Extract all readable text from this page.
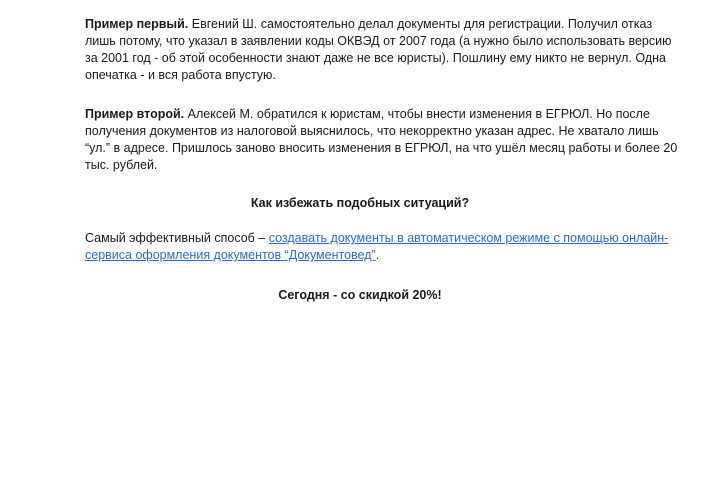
Пример первый. Евгений Ш. самостоятельно делал документы для регистрации. Получил отказ лишь потому, что указал в заявлении коды ОКВЭД от 2007 года (а нужно было использовать версию за 2001 год - об этой особенности знают даже не все юристы). Пошлину ему никто не вернул. Одна опечатка - и вся работа впустую.

Пример второй. Алексей М. обратился к юристам, чтобы внести изменения в ЕГРЮЛ. Но после получения документов из налоговой выяснилось, что некорректно указан адрес. Не хватало лишь “ул.” в адресе. Пришлось заново вносить изменения в ЕГРЮЛ, на что ушёл месяц работы и более 20 тыс. рублей.

Как избежать подобных ситуаций?

Самый эффективный способ – создавать документы в автоматическом режиме с помощью онлайн-сервиса оформления документов “Документовед”.

Сегодня - со скидкой 20%!
